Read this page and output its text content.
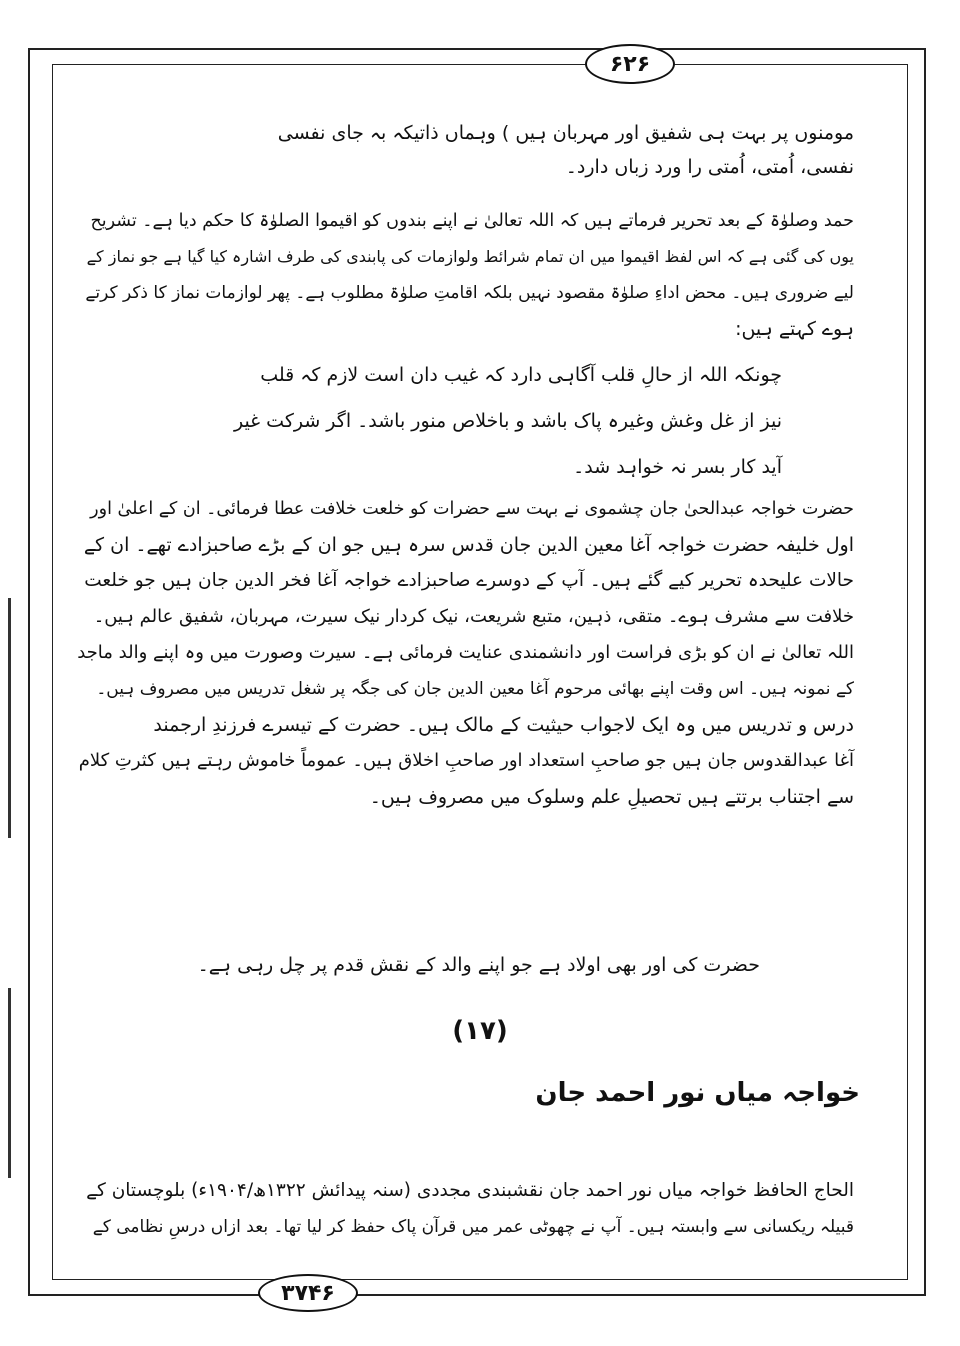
۶۲۶
مومنوں پر بہت ہی شفیق اور مہربان ہیں ) وہماں ذاتیکہ بہ جای نفسی
نفسی، اُمتی، اُمتی را ورد زباں دارد۔
حمد وصلوٰۃ کے بعد تحریر فرماتے ہیں کہ اللہ تعالیٰ نے اپنے بندوں کو اقیموا الصلوٰۃ کا حکم دیا ہے۔ تشریح
یوں کی گئی ہے کہ اس لفظ اقیموا میں ان تمام شرائط ولوازمات کی پابندی کی طرف اشارہ کیا گیا ہے جو نماز کے
لیے ضروری ہیں۔ محض اداءِ صلوٰۃ مقصود نہیں بلکہ اقامتِ صلوٰۃ مطلوب ہے۔ پھر لوازمات نماز کا ذکر کرتے
ہوے کہتے ہیں:
چونکہ اللہ از حالِ قلب آگاہی دارد کہ غیب دان است لازم کہ قلب
نیز از غل وغش وغیرہ پاک باشد و باخلاص منور باشد۔ اگر شرکت غیر
آید کار بسر نہ خواہد شد۔
حضرت خواجہ عبدالحیٰ جان چشموی نے بہت سے حضرات کو خلعت خلافت عطا فرمائی۔ ان کے اعلیٰ اور
اول خلیفہ حضرت خواجہ آغا معین الدین جان قدس سرہ ہیں جو ان کے بڑے صاحبزادے تھے۔ ان کے
حالات علیحدہ تحریر کیے گئے ہیں۔ آپ کے دوسرے صاحبزادے خواجہ آغا فخر الدین جان ہیں جو خلعت
خلافت سے مشرف ہوے۔ متقی، ذہین، متبع شریعت، نیک کردار نیک سیرت، مہربان، شفیق عالم ہیں۔
اللہ تعالیٰ نے ان کو بڑی فراست اور دانشمندی عنایت فرمائی ہے۔ سیرت وصورت میں وہ اپنے والد ماجد
کے نمونہ ہیں۔ اس وقت اپنے بھائی مرحوم آغا معین الدین جان کی جگہ پر شغل تدریس میں مصروف ہیں۔
درس و تدریس میں وہ ایک لاجواب حیثیت کے مالک ہیں۔ حضرت کے تیسرے فرزندِ ارجمند
آغا عبدالقدوس جان ہیں جو صاحبِ استعداد اور صاحبِ اخلاق ہیں۔ عموماً خاموش رہتے ہیں کثرتِ کلام
سے اجتناب برتتے ہیں تحصیلِ علم وسلوک میں مصروف ہیں۔
حضرت کی اور بھی اولاد ہے جو اپنے والد کے نقش قدم پر چل رہی ہے۔
(۱۷)
خواجہ میاں نور احمد جان
الحاج الحافظ خواجہ میاں نور احمد جان نقشبندی مجددی (سنہ پیدائش ۱۳۲۲ھ/۱۹۰۴ء) بلوچستان کے
قبیلہ ریکسانی سے وابستہ ہیں۔ آپ نے چھوٹی عمر میں قرآن پاک حفظ کر لیا تھا۔ بعد ازاں درسِ نظامی کے
۳۷۴۶
